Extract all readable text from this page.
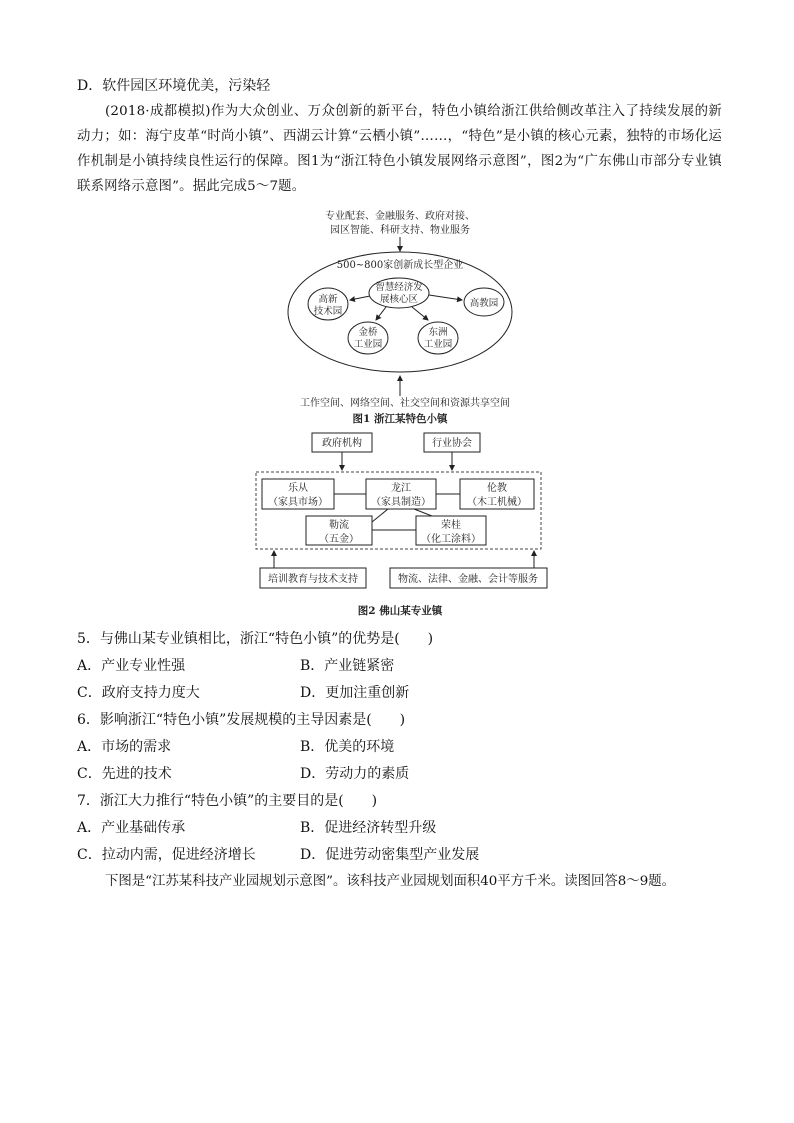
D．软件园区环境优美，污染轻
(2018·成都模拟)作为大众创业、万众创新的新平台，特色小镇给浙江供给侧改革注入了持续发展的新动力；如：海宁皮革“时尚小镇”、西湖云计算“云栖小镇”……，“特色”是小镇的核心元素，独特的市场化运作机制是小镇持续良性运行的保障。图1为“浙江特色小镇发展网络示意图”，图2为“广东佛山市部分专业镇联系网络示意图”。据此完成5～7题。
专业配套、金融服务、政府对接、
园区智能、科研支持、物业服务
500~800家创新成长型企业
智慧经济发
展核心区
高新
技术园
高教园
金桥
工业园
东洲
工业园
工作空间、网络空间、社交空间和资源共享空间
图1 浙江某特色小镇
政府机构	行业协会
乐从
（家具市场）
龙江
（家具制造）
伦教
（木工机械）
勒流
（五金）
荣桂
（化工涂料）
培训教育与技术支持	物流、法律、金融、会计等服务
图2 佛山某专业镇
5．与佛山某专业镇相比，浙江“特色小镇”的优势是(　　)
A．产业专业性强	B．产业链紧密
C．政府支持力度大	D．更加注重创新
6．影响浙江“特色小镇”发展规模的主导因素是(　　)
A．市场的需求	B．优美的环境
C．先进的技术	D．劳动力的素质
7．浙江大力推行“特色小镇”的主要目的是(　　)
A．产业基础传承	B．促进经济转型升级
C．拉动内需，促进经济增长	D．促进劳动密集型产业发展
下图是“江苏某科技产业园规划示意图”。该科技产业园规划面积40平方千米。读图回答8～9题。
